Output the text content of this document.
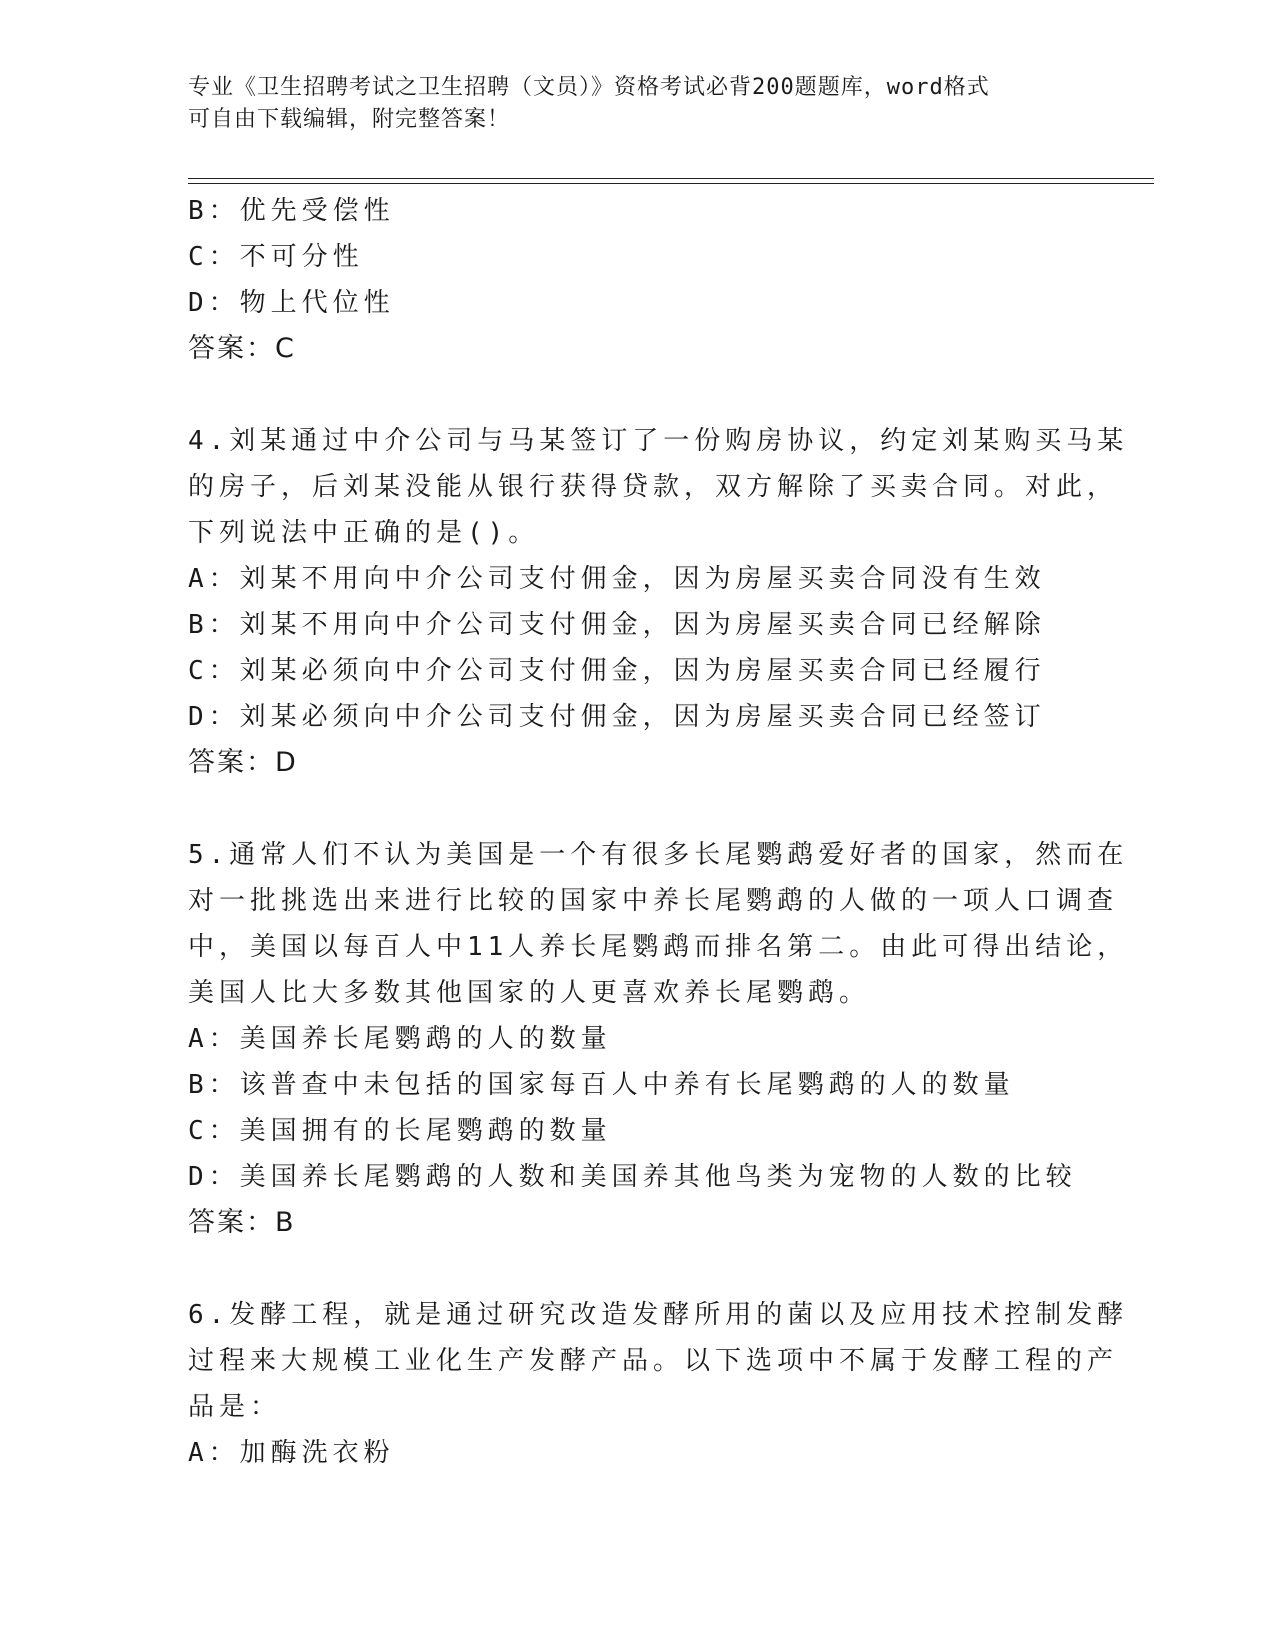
专业《卫生招聘考试之卫生招聘（文员）》资格考试必背200题题库，word格式
可自由下载编辑，附完整答案！
B：优先受偿性
C：不可分性
D：物上代位性
答案：C
4.刘某通过中介公司与马某签订了一份购房协议，约定刘某购买马某
的房子，后刘某没能从银行获得贷款，双方解除了买卖合同。对此，
下列说法中正确的是()。
A：刘某不用向中介公司支付佣金，因为房屋买卖合同没有生效
B：刘某不用向中介公司支付佣金，因为房屋买卖合同已经解除
C：刘某必须向中介公司支付佣金，因为房屋买卖合同已经履行
D：刘某必须向中介公司支付佣金，因为房屋买卖合同已经签订
答案：D
5.通常人们不认为美国是一个有很多长尾鹦鹉爱好者的国家，然而在
对一批挑选出来进行比较的国家中养长尾鹦鹉的人做的一项人口调查
中，美国以每百人中11人养长尾鹦鹉而排名第二。由此可得出结论，
美国人比大多数其他国家的人更喜欢养长尾鹦鹉。
A：美国养长尾鹦鹉的人的数量
B：该普查中未包括的国家每百人中养有长尾鹦鹉的人的数量
C：美国拥有的长尾鹦鹉的数量
D：美国养长尾鹦鹉的人数和美国养其他鸟类为宠物的人数的比较
答案：B
6.发酵工程，就是通过研究改造发酵所用的菌以及应用技术控制发酵
过程来大规模工业化生产发酵产品。以下选项中不属于发酵工程的产
品是：
A：加酶洗衣粉
